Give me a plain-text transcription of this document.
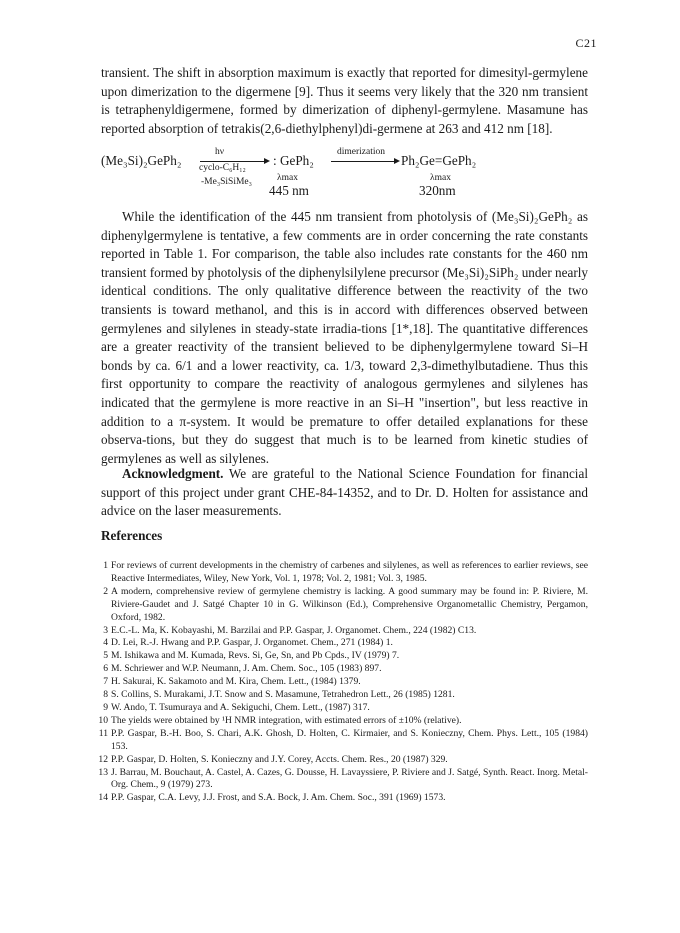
C21

transient. The shift in absorption maximum is exactly that reported for dimesityl-germylene upon dimerization to the digermene [9]. Thus it seems very likely that the 320 nm transient is tetraphenyldigermene, formed by dimerization of diphenyl-germylene. Masamune has reported absorption of tetrakis(2,6-diethylphenyl)di-germene at 263 and 412 nm [18].

(Me₃Si)₂GePh₂
hν
cyclo-C₆H₁₂
-Me₃SiSiMe₃
: GePh₂
λmax
445 nm
dimerization
Ph₂Ge=GePh₂
λmax
320nm

While the identification of the 445 nm transient from photolysis of (Me₃Si)₂GePh₂ as diphenylgermylene is tentative, a few comments are in order concerning the rate constants reported in Table 1. For comparison, the table also includes rate constants for the 460 nm transient formed by photolysis of the diphenylsilylene precursor (Me₃Si)₂SiPh₂ under nearly identical conditions. The only qualitative difference between the reactivity of the two transients is toward methanol, and this is in accord with differences observed between germylenes and silylenes in steady-state irradia-tions [1*,18]. The quantitative differences are a greater reactivity of the transient believed to be diphenylgermylene toward Si–H bonds by ca. 6/1 and a lower reactivity, ca. 1/3, toward 2,3-dimethylbutadiene. Thus this first opportunity to compare the reactivity of analogous germylenes and silylenes has indicated that the germylene is more reactive in an Si–H "insertion", but less reactive in addition to a π-system. It would be premature to offer detailed explanations for these observa-tions, but they do suggest that much is to be learned from kinetic studies of germylenes as well as silylenes.

Acknowledgment. We are grateful to the National Science Foundation for financial support of this project under grant CHE-84-14352, and to Dr. D. Holten for assistance and advice on the laser measurements.

References
1 For reviews of current developments in the chemistry of carbenes and silylenes, as well as references to earlier reviews, see Reactive Intermediates, Wiley, New York, Vol. 1, 1978; Vol. 2, 1981; Vol. 3, 1985.
2 A modern, comprehensive review of germylene chemistry is lacking. A good summary may be found in: P. Riviere, M. Riviere-Gaudet and J. Satgé Chapter 10 in G. Wilkinson (Ed.), Comprehensive Organometallic Chemistry, Pergamon, Oxford, 1982.
3 E.C.-L. Ma, K. Kobayashi, M. Barzilai and P.P. Gaspar, J. Organomet. Chem., 224 (1982) C13.
4 D. Lei, R.-J. Hwang and P.P. Gaspar, J. Organomet. Chem., 271 (1984) 1.
5 M. Ishikawa and M. Kumada, Revs. Si, Ge, Sn, and Pb Cpds., IV (1979) 7.
6 M. Schriewer and W.P. Neumann, J. Am. Chem. Soc., 105 (1983) 897.
7 H. Sakurai, K. Sakamoto and M. Kira, Chem. Lett., (1984) 1379.
8 S. Collins, S. Murakami, J.T. Snow and S. Masamune, Tetrahedron Lett., 26 (1985) 1281.
9 W. Ando, T. Tsumuraya and A. Sekiguchi, Chem. Lett., (1987) 317.
10 The yields were obtained by ¹H NMR integration, with estimated errors of ±10% (relative).
11 P.P. Gaspar, B.-H. Boo, S. Chari, A.K. Ghosh, D. Holten, C. Kirmaier, and S. Konieczny, Chem. Phys. Lett., 105 (1984) 153.
12 P.P. Gaspar, D. Holten, S. Konieczny and J.Y. Corey, Accts. Chem. Res., 20 (1987) 329.
13 J. Barrau, M. Bouchaut, A. Castel, A. Cazes, G. Dousse, H. Lavayssiere, P. Riviere and J. Satgé, Synth. React. Inorg. Metal-Org. Chem., 9 (1979) 273.
14 P.P. Gaspar, C.A. Levy, J.J. Frost, and S.A. Bock, J. Am. Chem. Soc., 391 (1969) 1573.
